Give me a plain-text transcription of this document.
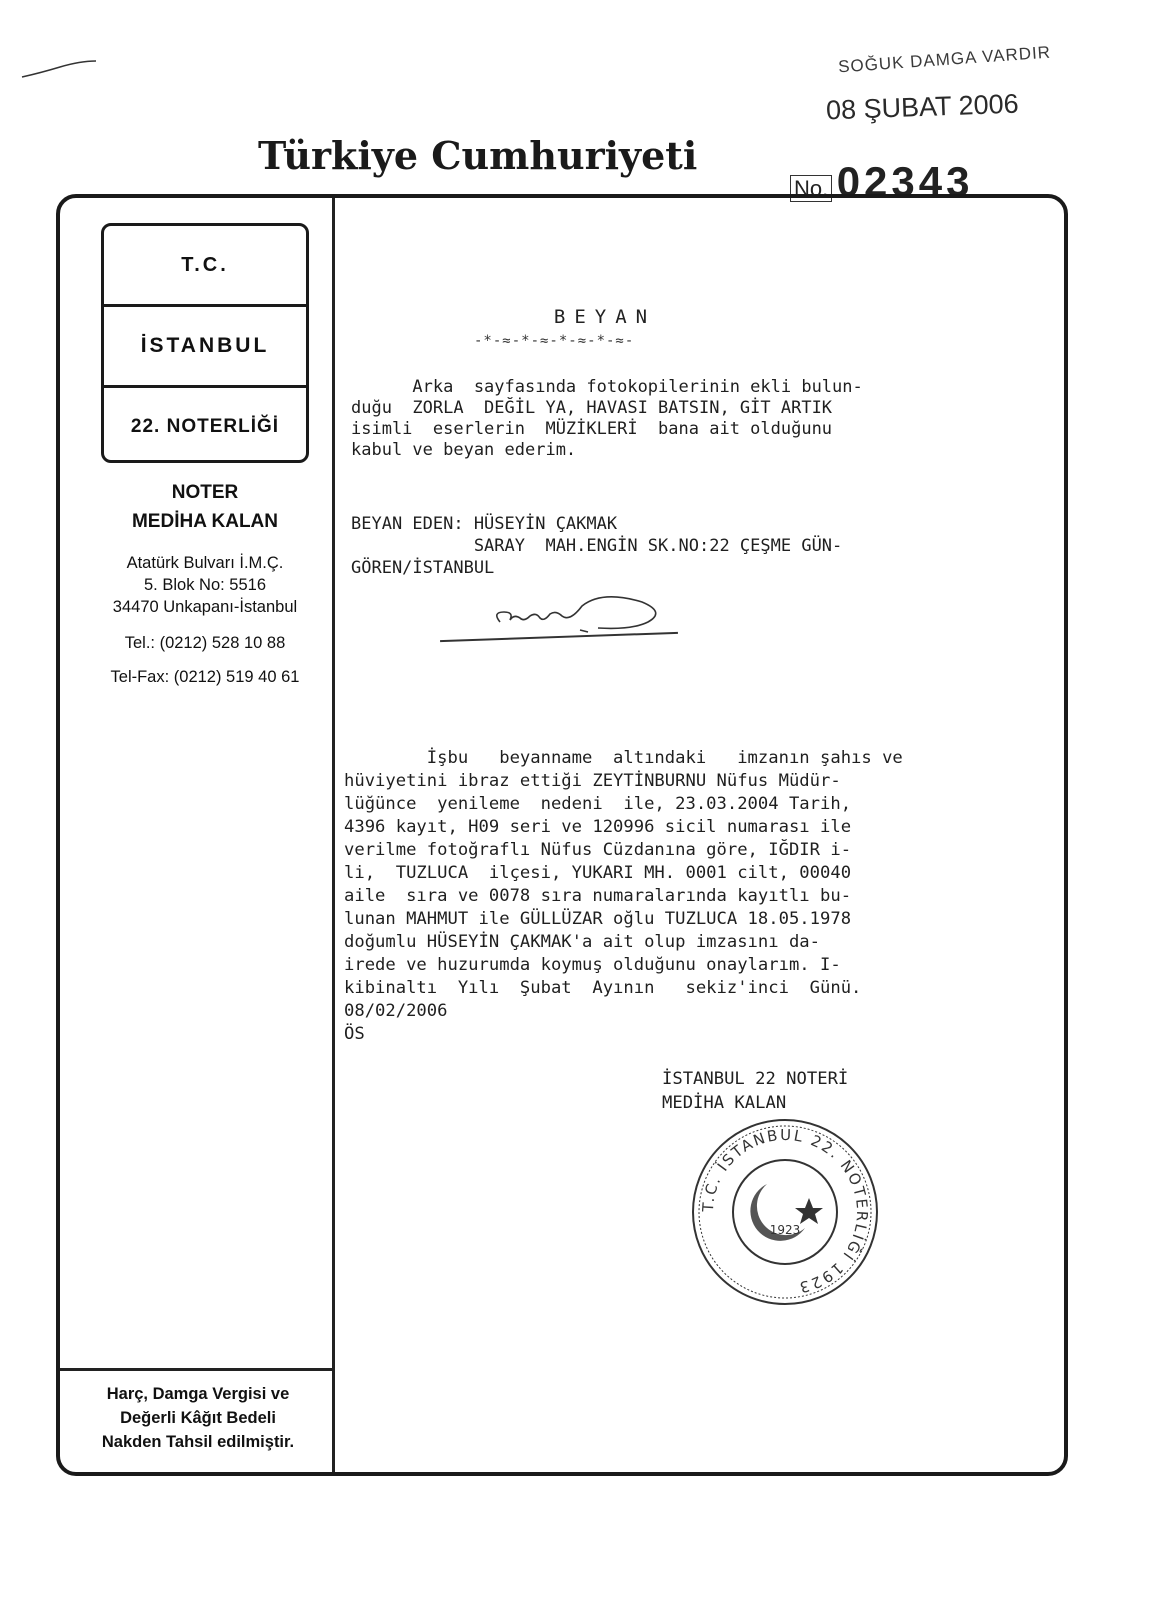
SOĞUK DAMGA VARDIR
08 ŞUBAT 2006
Türkiye Cumhuriyeti
No. 02343 .........
T.C.
İSTANBUL
22. NOTERLİĞİ
NOTER
MEDİHA KALAN
Atatürk Bulvarı İ.M.Ç.
5. Blok No: 5516
34470 Unkapanı-İstanbul
Tel.: (0212) 528 10 88
Tel-Fax: (0212) 519 40 61
Harç, Damga Vergisi ve
Değerli Kâğıt Bedeli
Nakden Tahsil edilmiştir.
BEYAN
-*-≈-*-≈-*-≈-*-≈-
Arka  sayfasında fotokopilerinin ekli bulun-
duğu  ZORLA  DEĞİL YA, HAVASI BATSIN, GİT ARTIK
isimli  eserlerin  MÜZİKLERİ  bana ait olduğunu
kabul ve beyan ederim.
BEYAN EDEN: HÜSEYİN ÇAKMAK
SARAY  MAH.ENGİN SK.NO:22 ÇEŞME GÜN-
GÖREN/İSTANBUL
İşbu   beyanname  altındaki   imzanın şahıs ve
hüviyetini ibraz ettiği ZEYTİNBURNU Nüfus Müdür-
lüğünce  yenileme  nedeni  ile, 23.03.2004 Tarih,
4396 kayıt, H09 seri ve 120996 sicil numarası ile
verilme fotoğraflı Nüfus Cüzdanına göre, IĞDIR i-
li,  TUZLUCA  ilçesi, YUKARI MH. 0001 cilt, 00040
aile  sıra ve 0078 sıra numaralarında kayıtlı bu-
lunan MAHMUT ile GÜLLÜZAR oğlu TUZLUCA 18.05.1978
doğumlu HÜSEYİN ÇAKMAK'a ait olup imzasını da-
irede ve huzurumda koymuş olduğunu onaylarım. I-
kibinaltı  Yılı  Şubat  Ayının   sekiz'inci  Günü.
08/02/2006
ÖS
İSTANBUL 22 NOTERİ
MEDİHA KALAN
T.C. İSTANBUL 22. NOTERLİĞİ 1923
1923
